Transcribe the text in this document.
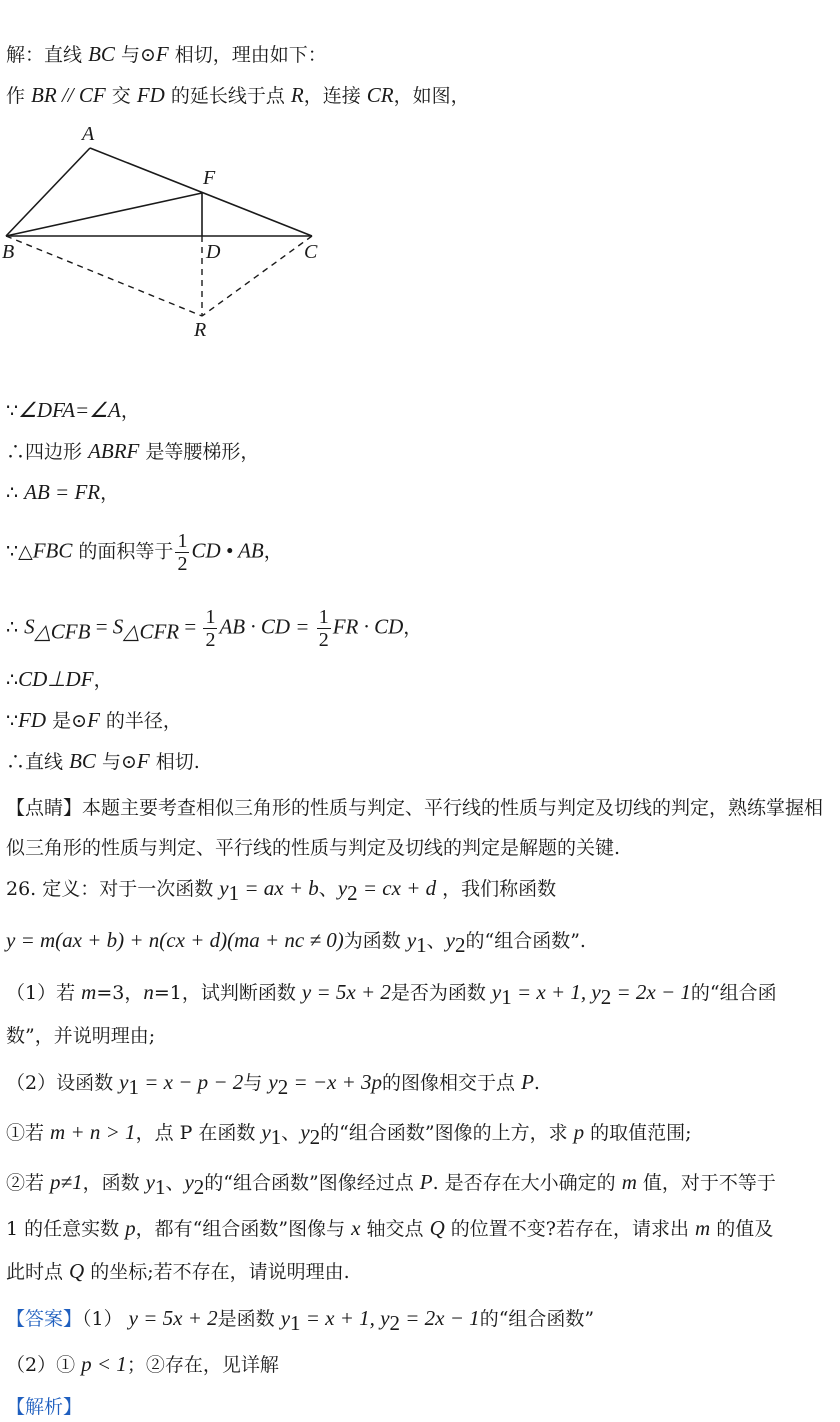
解：直线 BC 与⊙F 相切，理由如下：
作 BR // CF 交 FD 的延长线于点 R，连接 CR，如图，
A
F
B	D	C
R
∵∠DFA=∠A，
∴四边形 ABRF 是等腰梯形，
∴ AB = FR，
∵△FBC 的面积等于 $\frac{1}{2}$ CD • AB，
∴ $S_{\triangle CFB} = S_{\triangle CFR} = \frac{1}{2}$ AB · CD = $\frac{1}{2}$ FR · CD，
∴CD⊥DF，
∵FD 是⊙F 的半径，
∴直线 BC 与⊙F 相切.
【点睛】本题主要考查相似三角形的性质与判定、平行线的性质与判定及切线的判定，熟练掌握相似三角形的性质与判定、平行线的性质与判定及切线的判定是解题的关键.
26. 定义：对于一次函数 $y_1$ = ax + b、$y_2$ = cx + d ，我们称函数
y = m(ax + b) + n(cx + d)(ma + nc ≠ 0)为函数 $y_1$、$y_2$的“组合函数”.
（1）若 m=3，n=1，试判断函数 y = 5x + 2是否为函数 $y_1 = x + 1$, $y_2 = 2x - 1$的“组合函
数”，并说明理由;
（2）设函数 $y_1 = x - p - 2$与 $y_2 = -x + 3p$的图像相交于点 P.
①若 m + n > 1，点 P 在函数 $y_1$、$y_2$的“组合函数”图像的上方，求 p 的取值范围;
②若 p≠1，函数 $y_1$、$y_2$的“组合函数”图像经过点 P. 是否存在大小确定的 m 值，对于不等于
1 的任意实数 p，都有“组合函数”图像与 x 轴交点 Q 的位置不变?若存在，请求出 m 的值及
此时点 Q 的坐标;若不存在，请说明理由.
【答案】（1） y = 5x + 2是函数 $y_1 = x + 1$, $y_2 = 2x - 1$的“组合函数”
（2）① p < 1；②存在，见详解
【解析】
